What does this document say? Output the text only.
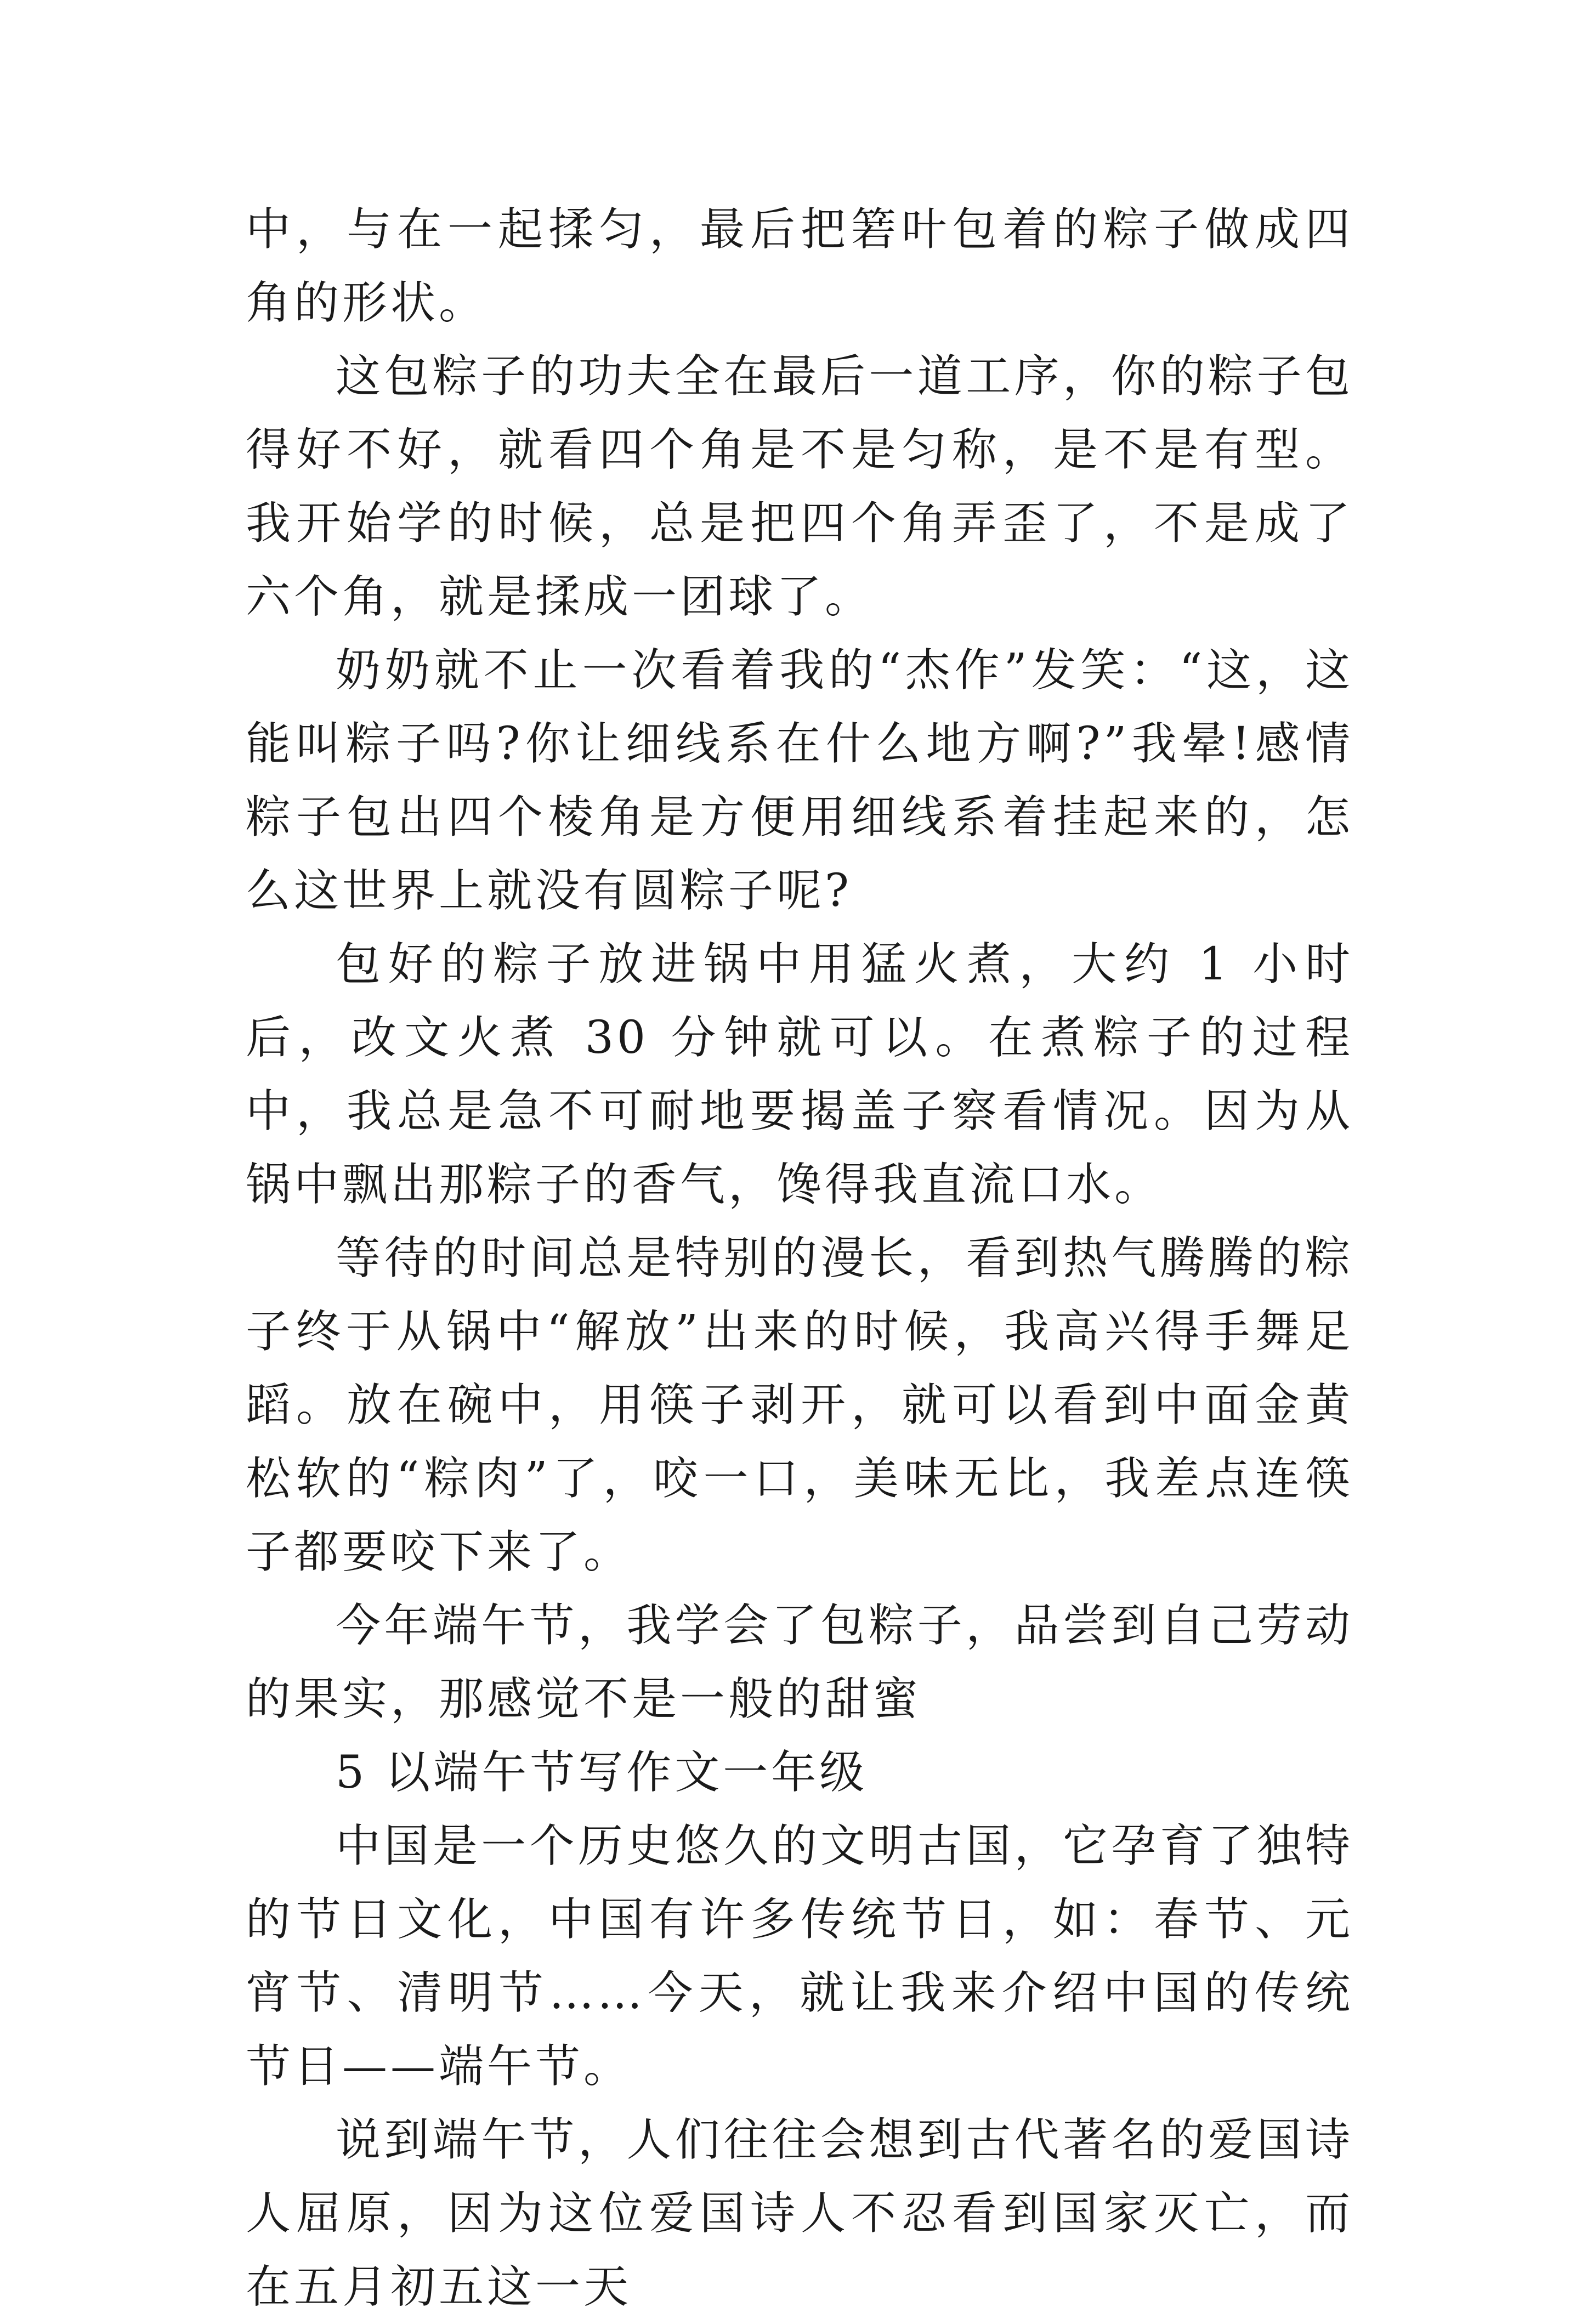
中，与在一起揉匀，最后把箬叶包着的粽子做成四角的形状。

这包粽子的功夫全在最后一道工序，你的粽子包得好不好，就看四个角是不是匀称，是不是有型。我开始学的时候，总是把四个角弄歪了，不是成了六个角，就是揉成一团球了。

奶奶就不止一次看着我的“杰作”发笑：“这，这能叫粽子吗?你让细线系在什么地方啊?”我晕!感情粽子包出四个棱角是方便用细线系着挂起来的，怎么这世界上就没有圆粽子呢?

包好的粽子放进锅中用猛火煮，大约 1 小时后，改文火煮 30 分钟就可以。在煮粽子的过程中，我总是急不可耐地要揭盖子察看情况。因为从锅中飘出那粽子的香气，馋得我直流口水。

等待的时间总是特别的漫长，看到热气腾腾的粽子终于从锅中“解放”出来的时候，我高兴得手舞足蹈。放在碗中，用筷子剥开，就可以看到中面金黄松软的“粽肉”了，咬一口，美味无比，我差点连筷子都要咬下来了。

今年端午节，我学会了包粽子，品尝到自己劳动的果实，那感觉不是一般的甜蜜

5 以端午节写作文一年级

中国是一个历史悠久的文明古国，它孕育了独特的节日文化，中国有许多传统节日，如：春节、元宵节、清明节……今天，就让我来介绍中国的传统节日——端午节。

说到端午节，人们往往会想到古代著名的爱国诗人屈原，因为这位爱国诗人不忍看到国家灭亡，而在五月初五这一天
